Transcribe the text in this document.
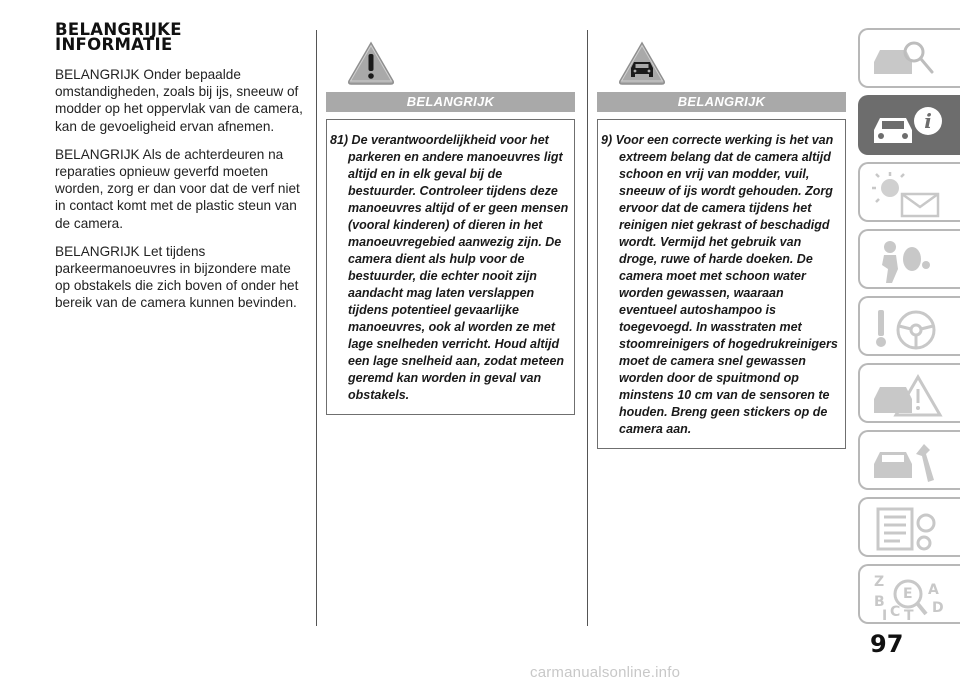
BELANGRIJKE
INFORMATIE

BELANGRIJK Onder bepaalde omstandigheden, zoals bij ijs, sneeuw of modder op het oppervlak van de camera, kan de gevoeligheid ervan afnemen.

BELANGRIJK Als de achterdeuren na reparaties opnieuw geverfd moeten worden, zorg er dan voor dat de verf niet in contact komt met de plastic steun van de camera.

BELANGRIJK Let tijdens parkeermanoeuvres in bijzondere mate op obstakels die zich boven of onder het bereik van de camera kunnen bevinden.

BELANGRIJK

81) De verantwoordelijkheid voor het parkeren en andere manoeuvres ligt altijd en in elk geval bij de bestuurder. Controleer tijdens deze manoeuvres altijd of er geen mensen (vooral kinderen) of dieren in het manoeuvregebied aanwezig zijn. De camera dient als hulp voor de bestuurder, die echter nooit zijn aandacht mag laten verslappen tijdens potentieel gevaarlijke manoeuvres, ook al worden ze met lage snelheden verricht. Houd altijd een lage snelheid aan, zodat meteen geremd kan worden in geval van obstakels.

BELANGRIJK

9) Voor een correcte werking is het van extreem belang dat de camera altijd schoon en vrij van modder, vuil, sneeuw of ijs wordt gehouden. Zorg ervoor dat de camera tijdens het reinigen niet gekrast of beschadigd wordt. Vermijd het gebruik van droge, ruwe of harde doeken. De camera moet met schoon water worden gewassen, waaraan eventueel autoshampoo is toegevoegd. In wasstraten met stoomreinigers of hogedrukreinigers moet de camera snel gewassen worden door de spuitmond op minstens 10 cm van de sensoren te houden. Breng geen stickers op de camera aan.

i
Z
E A
B
C D
I T
97
carmanualsonline.info
